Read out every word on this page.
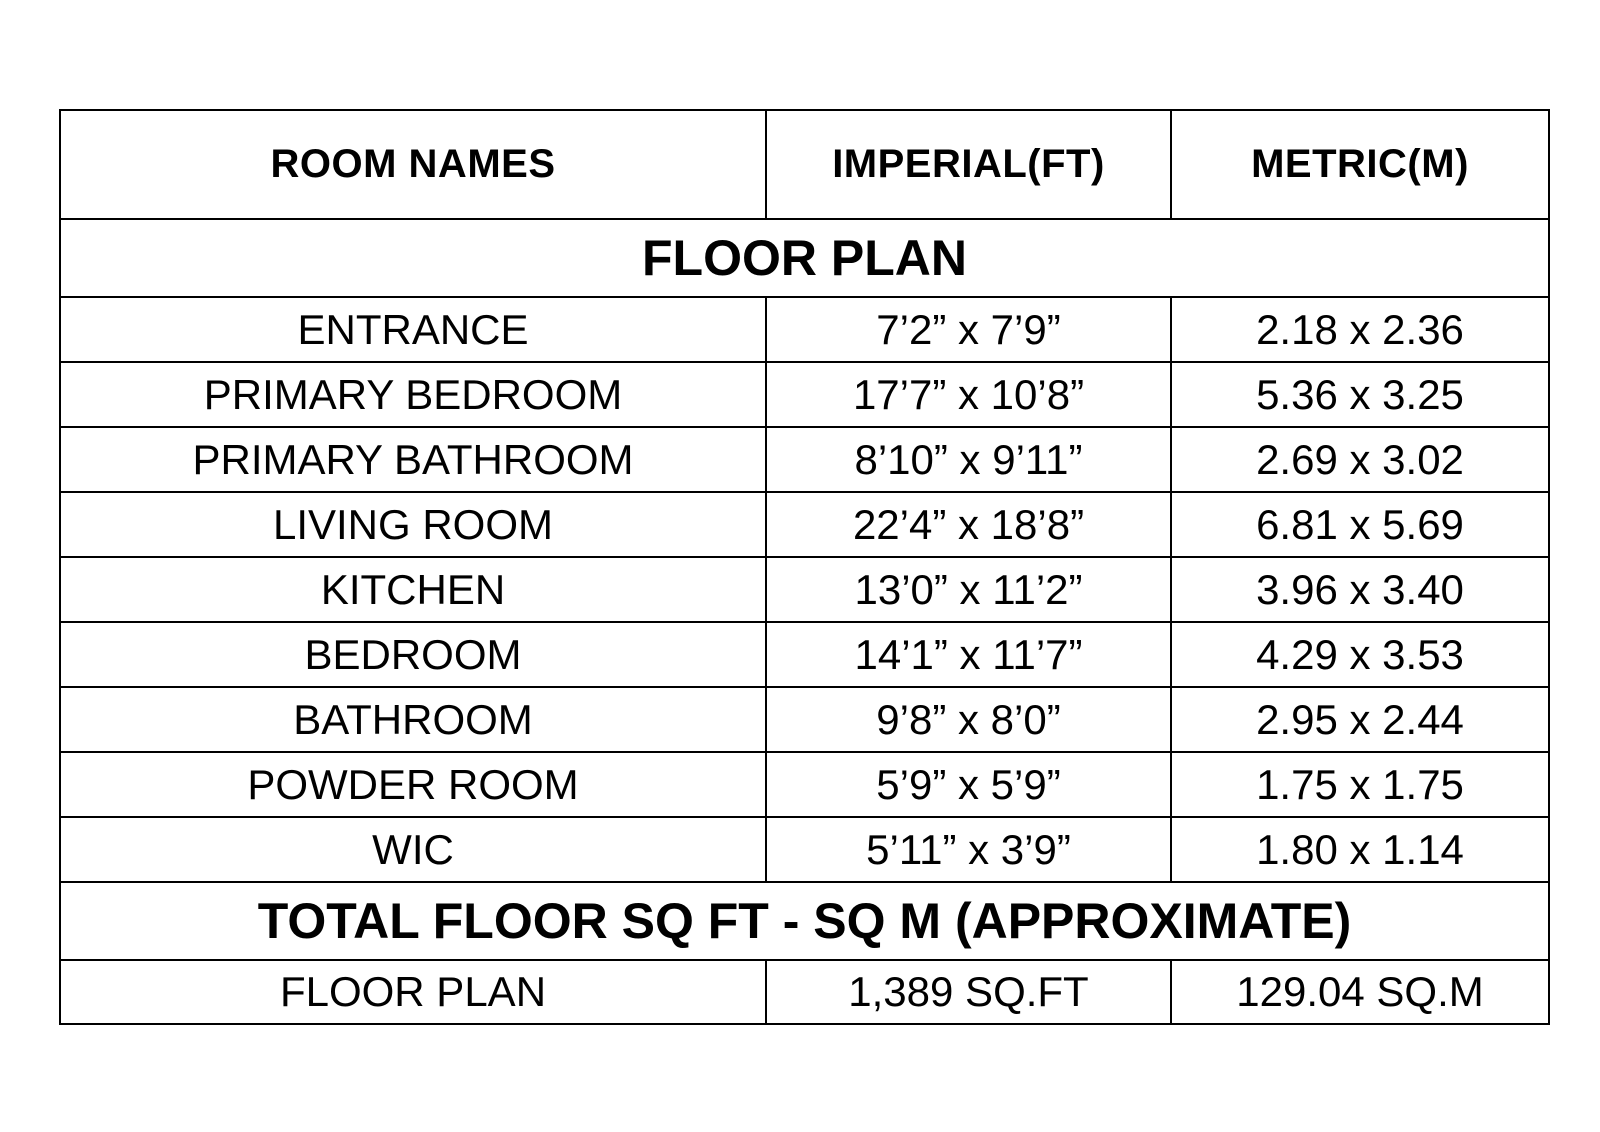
ROOM NAMES	IMPERIAL(FT)	METRIC(M)
FLOOR PLAN		
ENTRANCE	7’2” x 7’9”	2.18 x 2.36
PRIMARY BEDROOM	17’7” x 10’8”	5.36 x 3.25
PRIMARY BATHROOM	8’10” x 9’11”	2.69 x 3.02
LIVING ROOM	22’4” x 18’8”	6.81 x 5.69
KITCHEN	13’0” x 11’2”	3.96 x 3.40
BEDROOM	14’1” x 11’7”	4.29 x 3.53
BATHROOM	9’8” x 8’0”	2.95 x 2.44
POWDER ROOM	5’9” x 5’9”	1.75 x 1.75
WIC	5’11” x 3’9”	1.80 x 1.14
TOTAL FLOOR SQ FT - SQ M (APPROXIMATE)		
FLOOR PLAN	1,389 SQ.FT	129.04 SQ.M
